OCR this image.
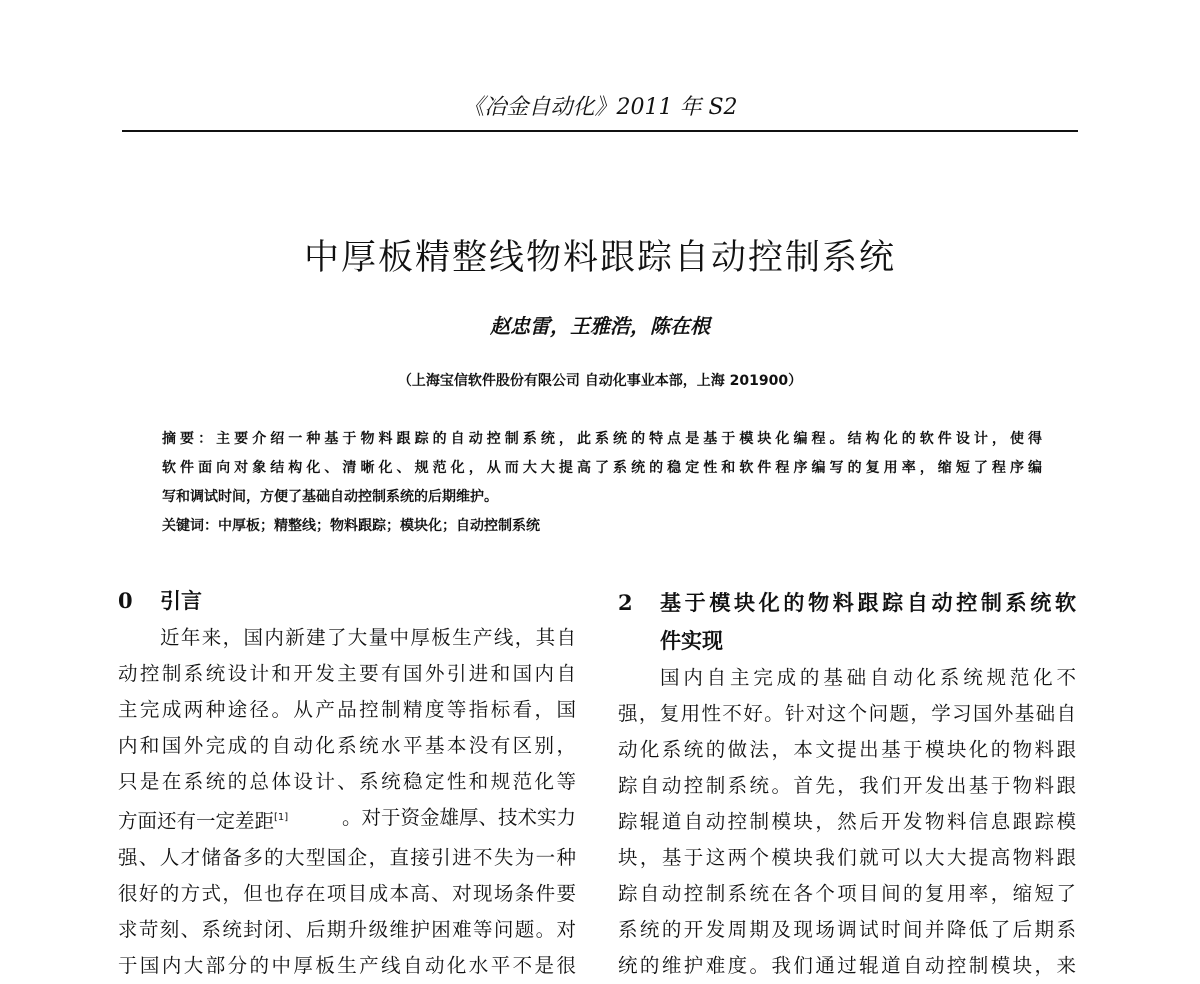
《冶金自动化》2011 年 S2
中厚板精整线物料跟踪自动控制系统
赵忠雷，王雅浩，陈在根
（上海宝信软件股份有限公司 自动化事业本部，上海 201900）
摘要：主要介绍一种基于物料跟踪的自动控制系统，此系统的特点是基于模块化编程。结构化的软件设计，使得
软件面向对象结构化、清晰化、规范化，从而大大提高了系统的稳定性和软件程序编写的复用率，缩短了程序编
写和调试时间，方便了基础自动控制系统的后期维护。
关键词：中厚板；精整线；物料跟踪；模块化；自动控制系统
0	引言
近年来，国内新建了大量中厚板生产线，其自
动控制系统设计和开发主要有国外引进和国内自
主完成两种途径。从产品控制精度等指标看，国
内和国外完成的自动化系统水平基本没有区别，
只是在系统的总体设计、系统稳定性和规范化等
方面还有一定差距[1]	。对于资金雄厚、技术实力
强、人才储备多的大型国企，直接引进不失为一种
很好的方式，但也存在项目成本高、对现场条件要
求苛刻、系统封闭、后期升级维护困难等问题。对
于国内大部分的中厚板生产线自动化水平不是很
2	基于模块化的物料跟踪自动控制系统软
件实现
国内自主完成的基础自动化系统规范化不
强，复用性不好。针对这个问题，学习国外基础自
动化系统的做法，本文提出基于模块化的物料跟
踪自动控制系统。首先，我们开发出基于物料跟
踪辊道自动控制模块，然后开发物料信息跟踪模
块，基于这两个模块我们就可以大大提高物料跟
踪自动控制系统在各个项目间的复用率，缩短了
系统的开发周期及现场调试时间并降低了后期系
统的维护难度。我们通过辊道自动控制模块，来
